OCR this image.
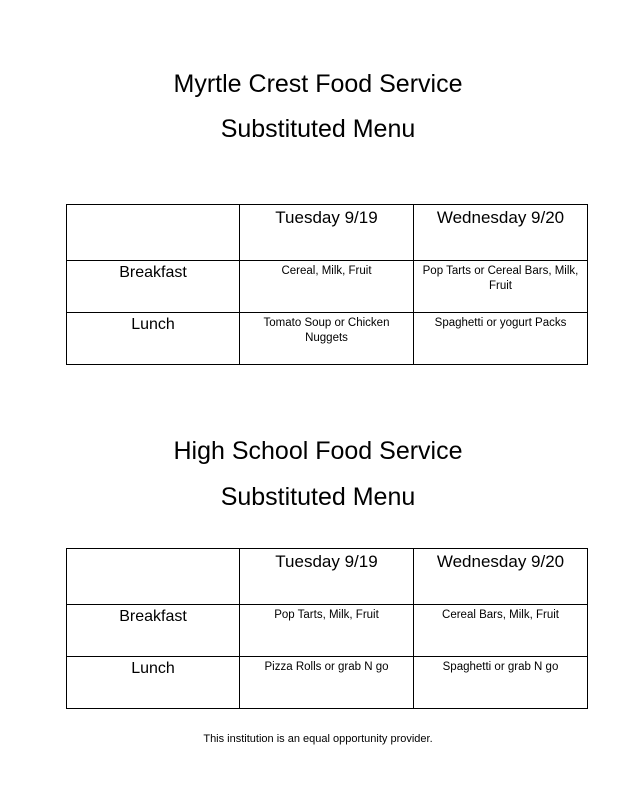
Myrtle Crest Food Service
Substituted Menu

	Tuesday 9/19	Wednesday 9/20

Breakfast	Cereal, Milk, Fruit	Pop Tarts or Cereal Bars, Milk, Fruit

Lunch	Tomato Soup or Chicken Nuggets	Spaghetti or yogurt Packs
High School Food Service
Substituted Menu

	Tuesday 9/19	Wednesday 9/20

Breakfast	Pop Tarts, Milk, Fruit	Cereal Bars, Milk, Fruit

Lunch	Pizza Rolls or grab N go	Spaghetti or grab N go
This institution is an equal opportunity provider.
